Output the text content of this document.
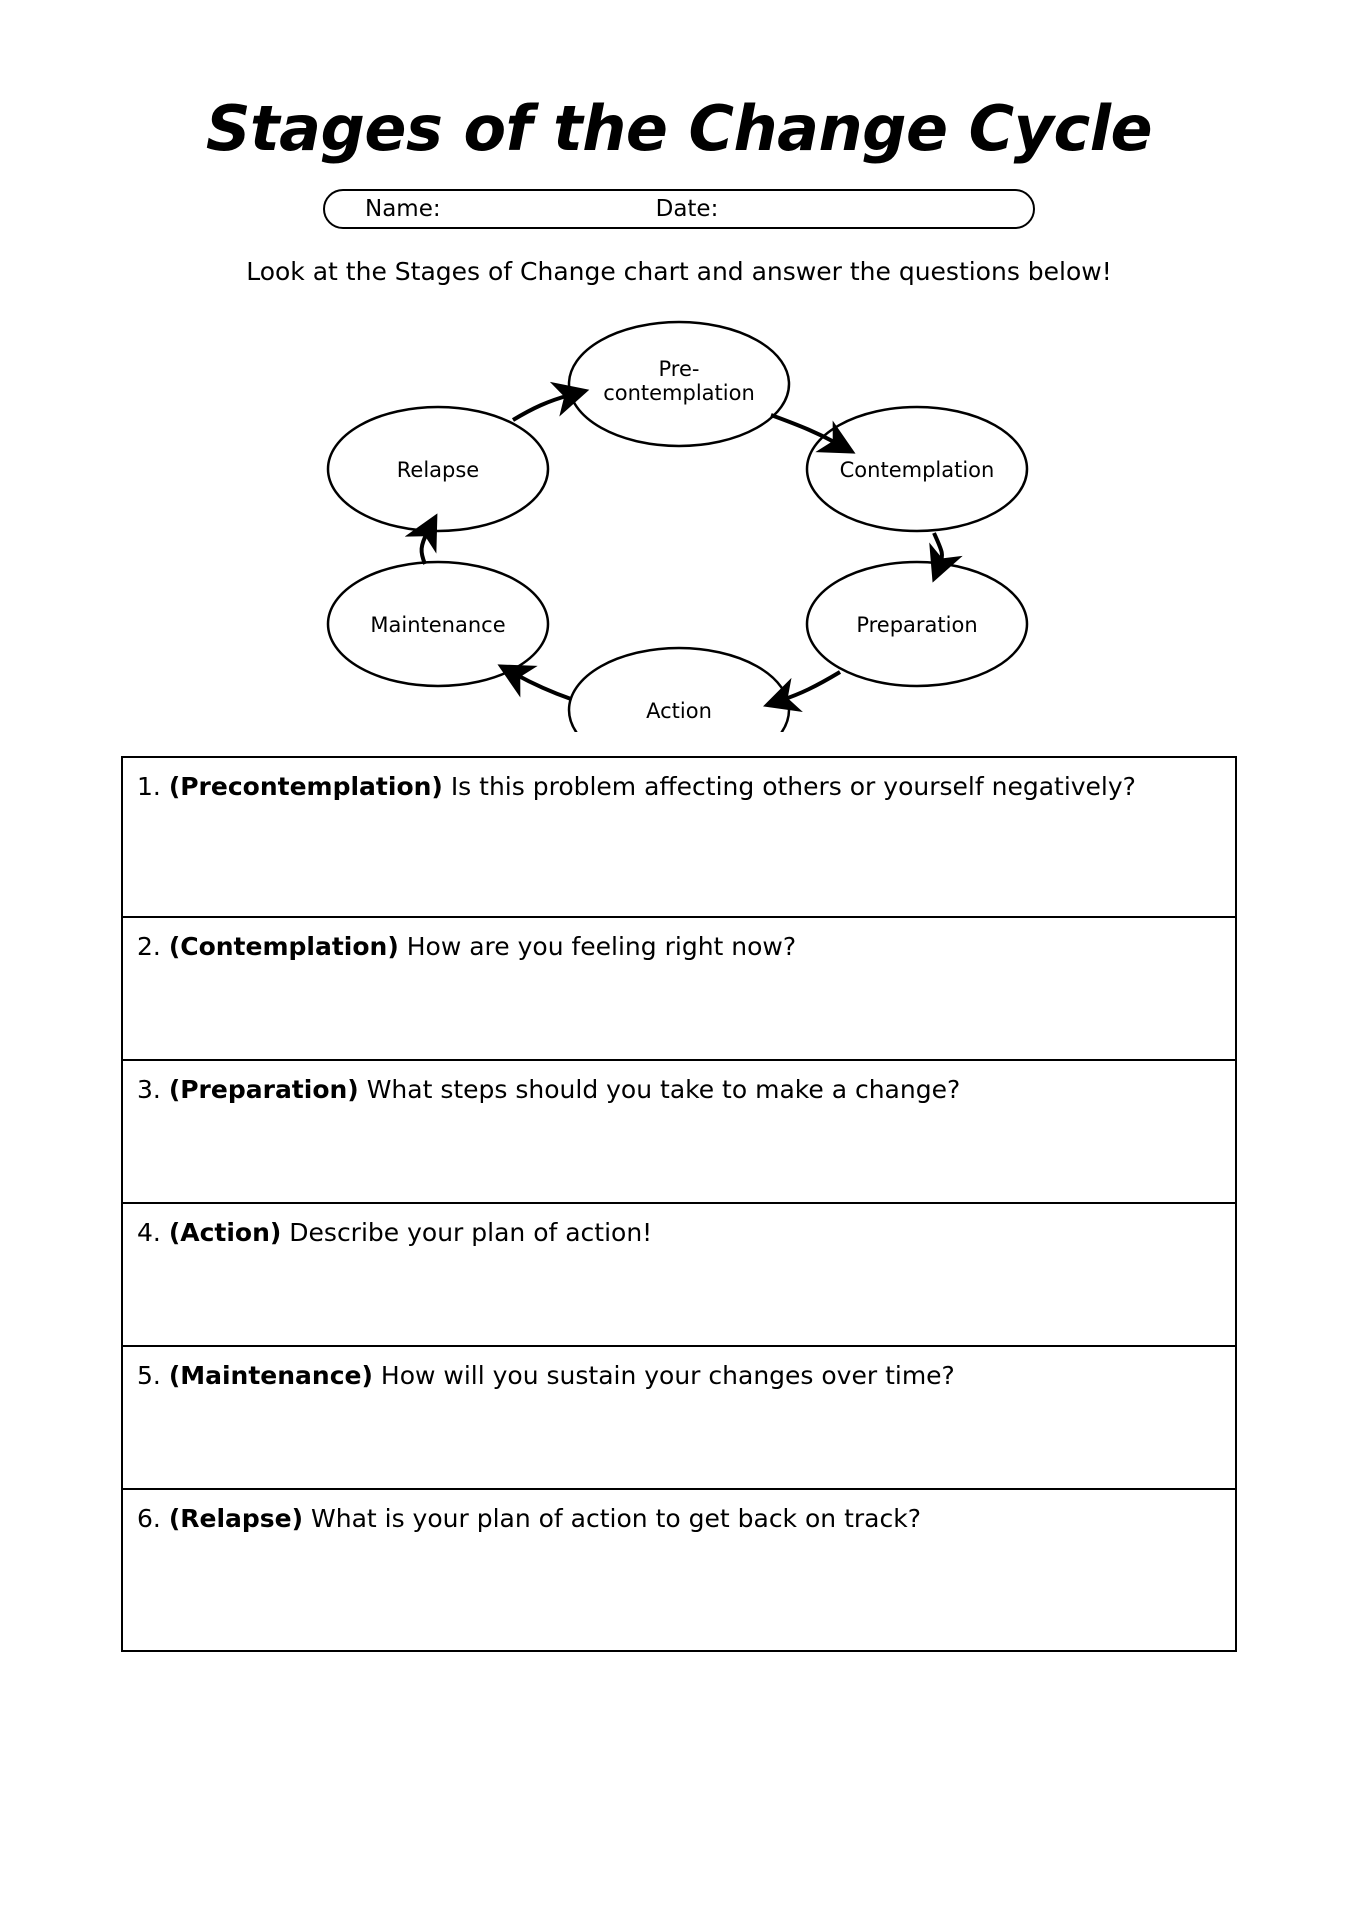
Stages of the Change Cycle
Name:	Date:
Look at the Stages of Change chart and answer the questions below!
Pre-
contemplation
Contemplation
Preparation
Action
Maintenance
Relapse
1. (Precontemplation) Is this problem affecting others or yourself negatively?
2. (Contemplation) How are you feeling right now?
3. (Preparation) What steps should you take to make a change?
4. (Action) Describe your plan of action!
5. (Maintenance) How will you sustain your changes over time?
6. (Relapse) What is your plan of action to get back on track?
